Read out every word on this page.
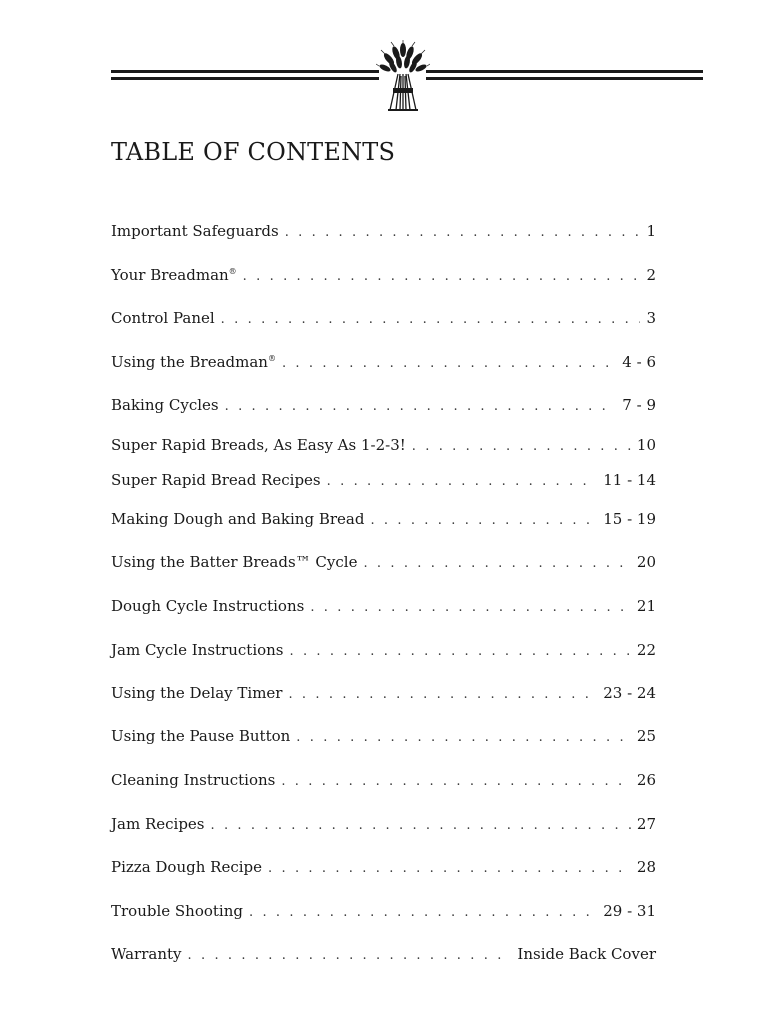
TABLE OF CONTENTS
Important Safeguards . . .	1
Your Breadman® . . .	2
Control Panel . . .	3
Using the Breadman® . . .	4 - 6
Baking Cycles . . .	7 - 9
Super Rapid Breads, As Easy As 1-2-3! . . .	10
Super Rapid Bread Recipes . . .	11 - 14
Making Dough and Baking Bread . . .	15 - 19
Using the Batter Breads™ Cycle . . .	20
Dough Cycle Instructions . . .	21
Jam Cycle Instructions . . .	22
Using the Delay Timer . . .	23 - 24
Using the Pause Button . . .	25
Cleaning Instructions . . .	26
Jam Recipes . . .	27
Pizza Dough Recipe . . .	28
Trouble Shooting . . .	29 - 31
Warranty . . .	Inside Back Cover
